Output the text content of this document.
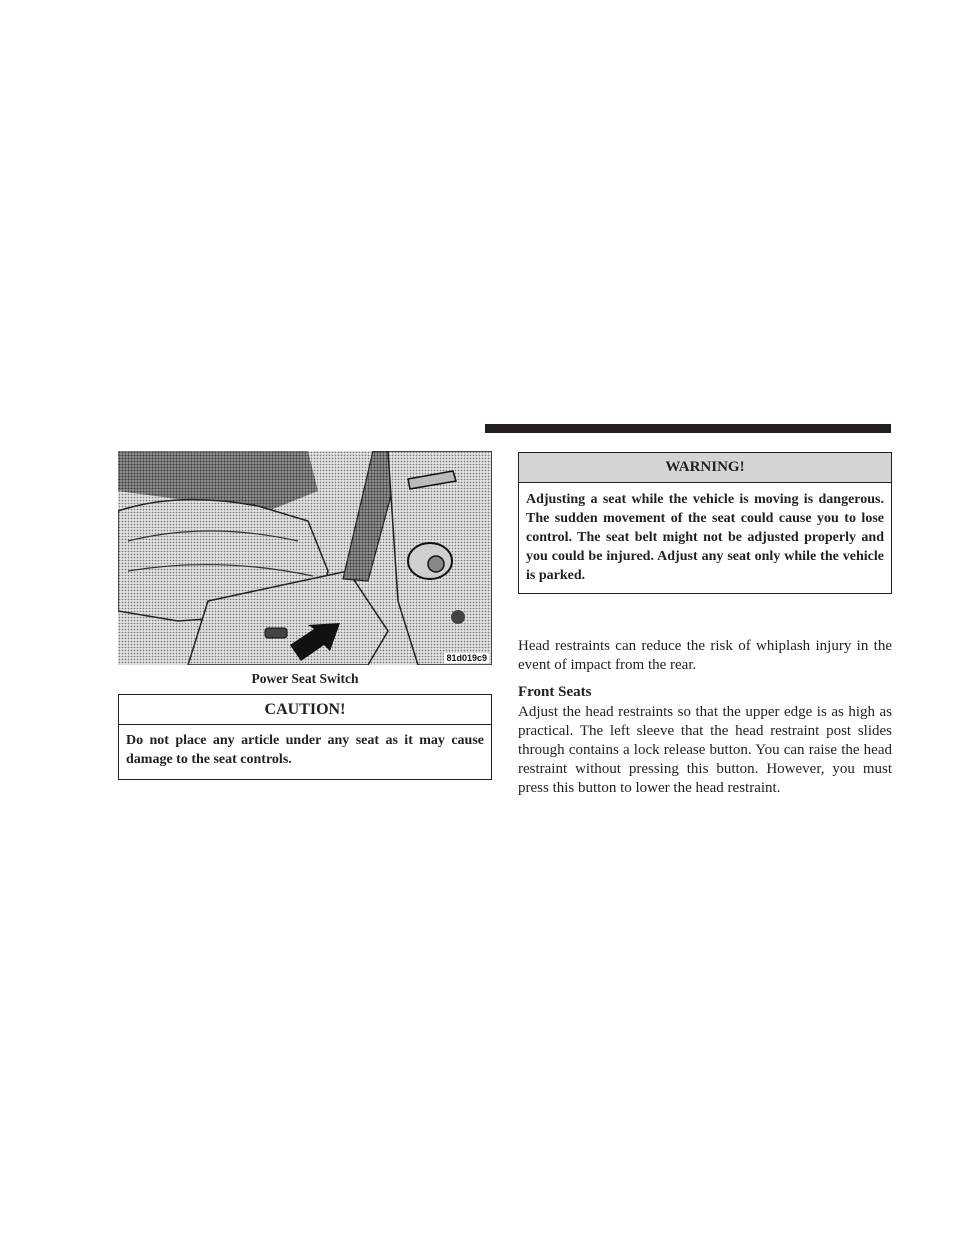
81d019c9
Power Seat Switch
CAUTION!
Do not place any article under any seat as it may cause damage to the seat controls.
WARNING!
Adjusting a seat while the vehicle is moving is dangerous. The sudden movement of the seat could cause you to lose control. The seat belt might not be adjusted properly and you could be injured. Adjust any seat only while the vehicle is parked.
Head restraints can reduce the risk of whiplash injury in the event of impact from the rear.
Front Seats
Adjust the head restraints so that the upper edge is as high as practical. The left sleeve that the head restraint post slides through contains a lock release button. You can raise the head restraint without pressing this button. However, you must press this button to lower the head restraint.
